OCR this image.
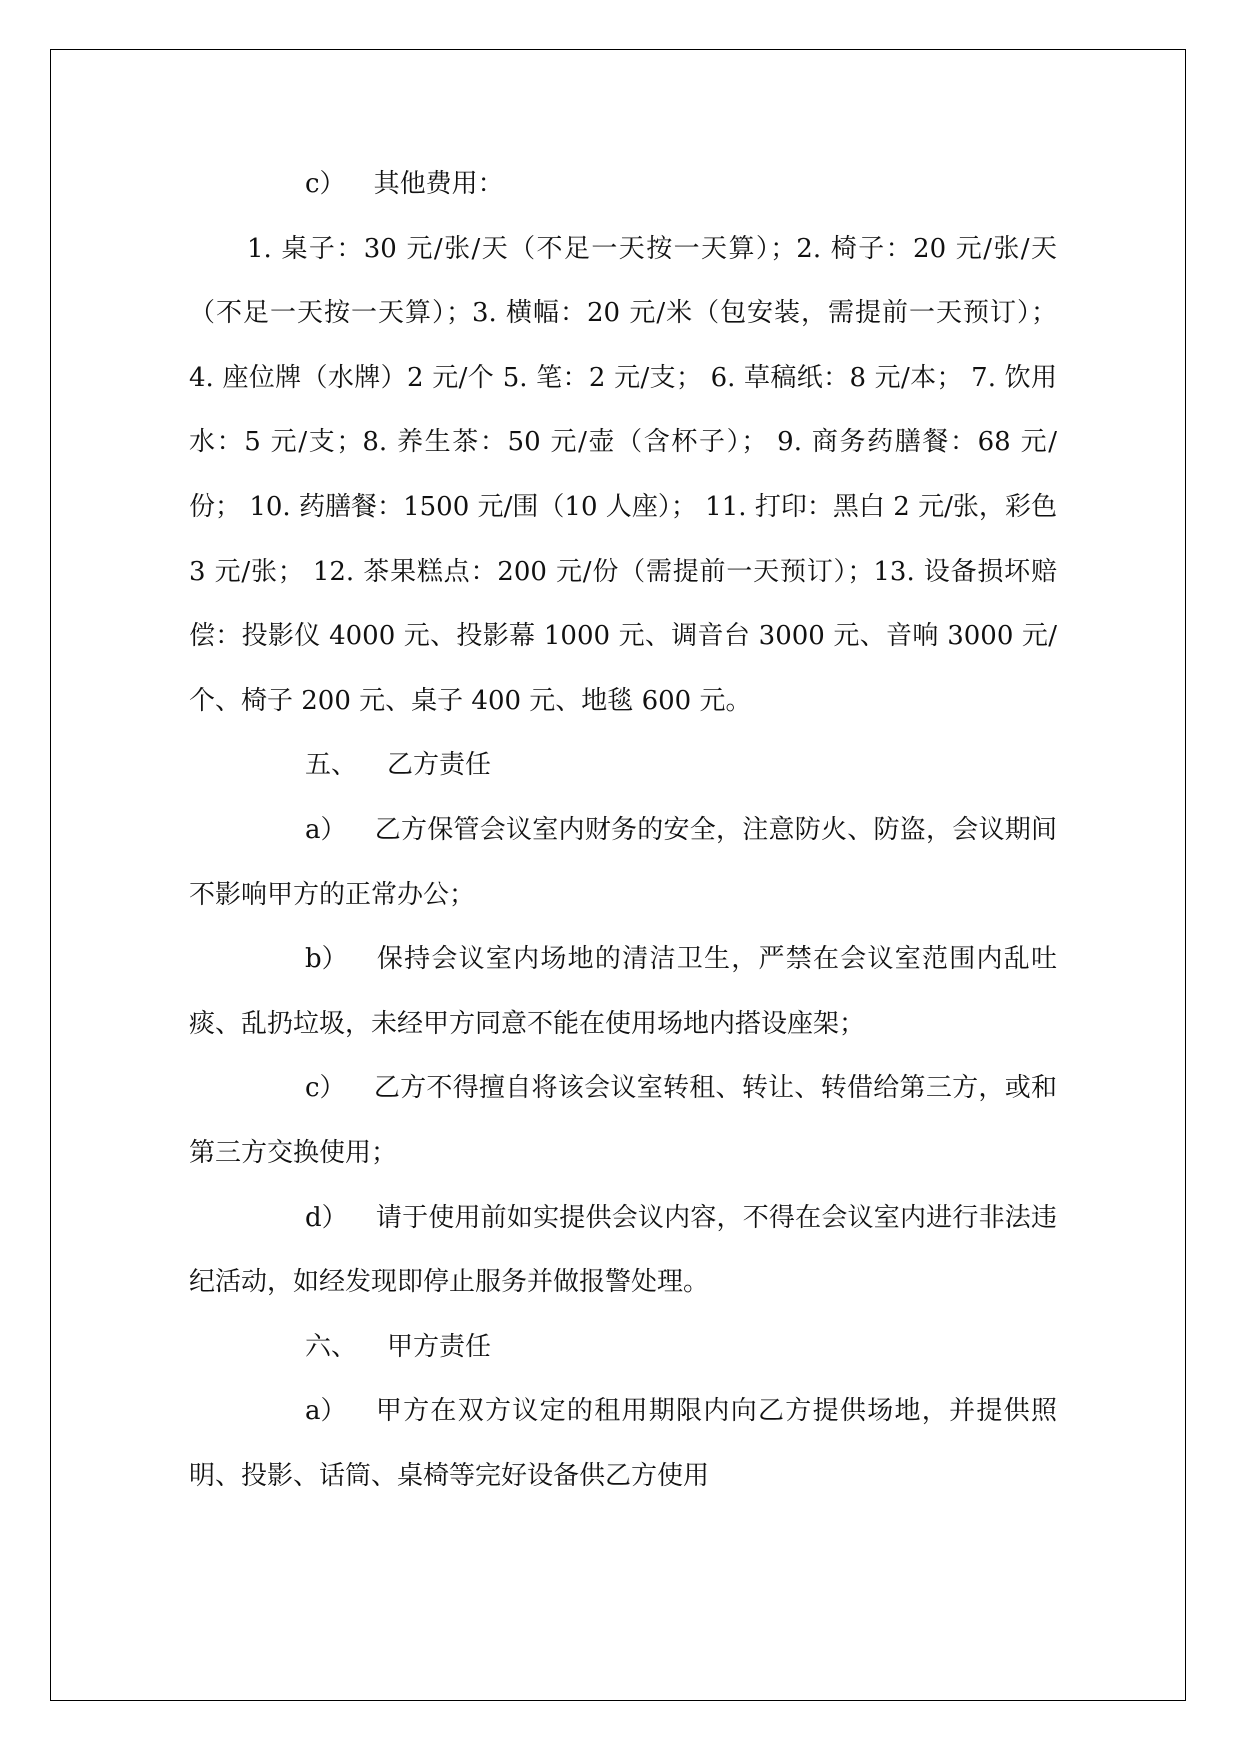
c） 其他费用：

1. 桌子：30 元/张/天（不足一天按一天算）；2. 椅子：20 元/张/天（不足一天按一天算）；3. 横幅：20 元/米（包安装，需提前一天预订）； 4. 座位牌（水牌）2 元/个 5. 笔：2 元/支； 6. 草稿纸：8 元/本； 7. 饮用水：5 元/支；8. 养生茶：50 元/壶（含杯子）； 9. 商务药膳餐：68 元/份； 10. 药膳餐：1500 元/围（10 人座）； 11. 打印：黑白 2 元/张，彩色 3 元/张； 12. 茶果糕点：200 元/份（需提前一天预订）；13. 设备损坏赔偿：投影仪 4000 元、投影幕 1000 元、调音台 3000 元、音响 3000 元/个、椅子 200 元、桌子 400 元、地毯 600 元。

五、 乙方责任

a） 乙方保管会议室内财务的安全，注意防火、防盗，会议期间不影响甲方的正常办公；

b） 保持会议室内场地的清洁卫生，严禁在会议室范围内乱吐痰、乱扔垃圾，未经甲方同意不能在使用场地内搭设座架；

c） 乙方不得擅自将该会议室转租、转让、转借给第三方，或和第三方交换使用；

d） 请于使用前如实提供会议内容，不得在会议室内进行非法违纪活动，如经发现即停止服务并做报警处理。

六、 甲方责任

a） 甲方在双方议定的租用期限内向乙方提供场地，并提供照明、投影、话筒、桌椅等完好设备供乙方使用
